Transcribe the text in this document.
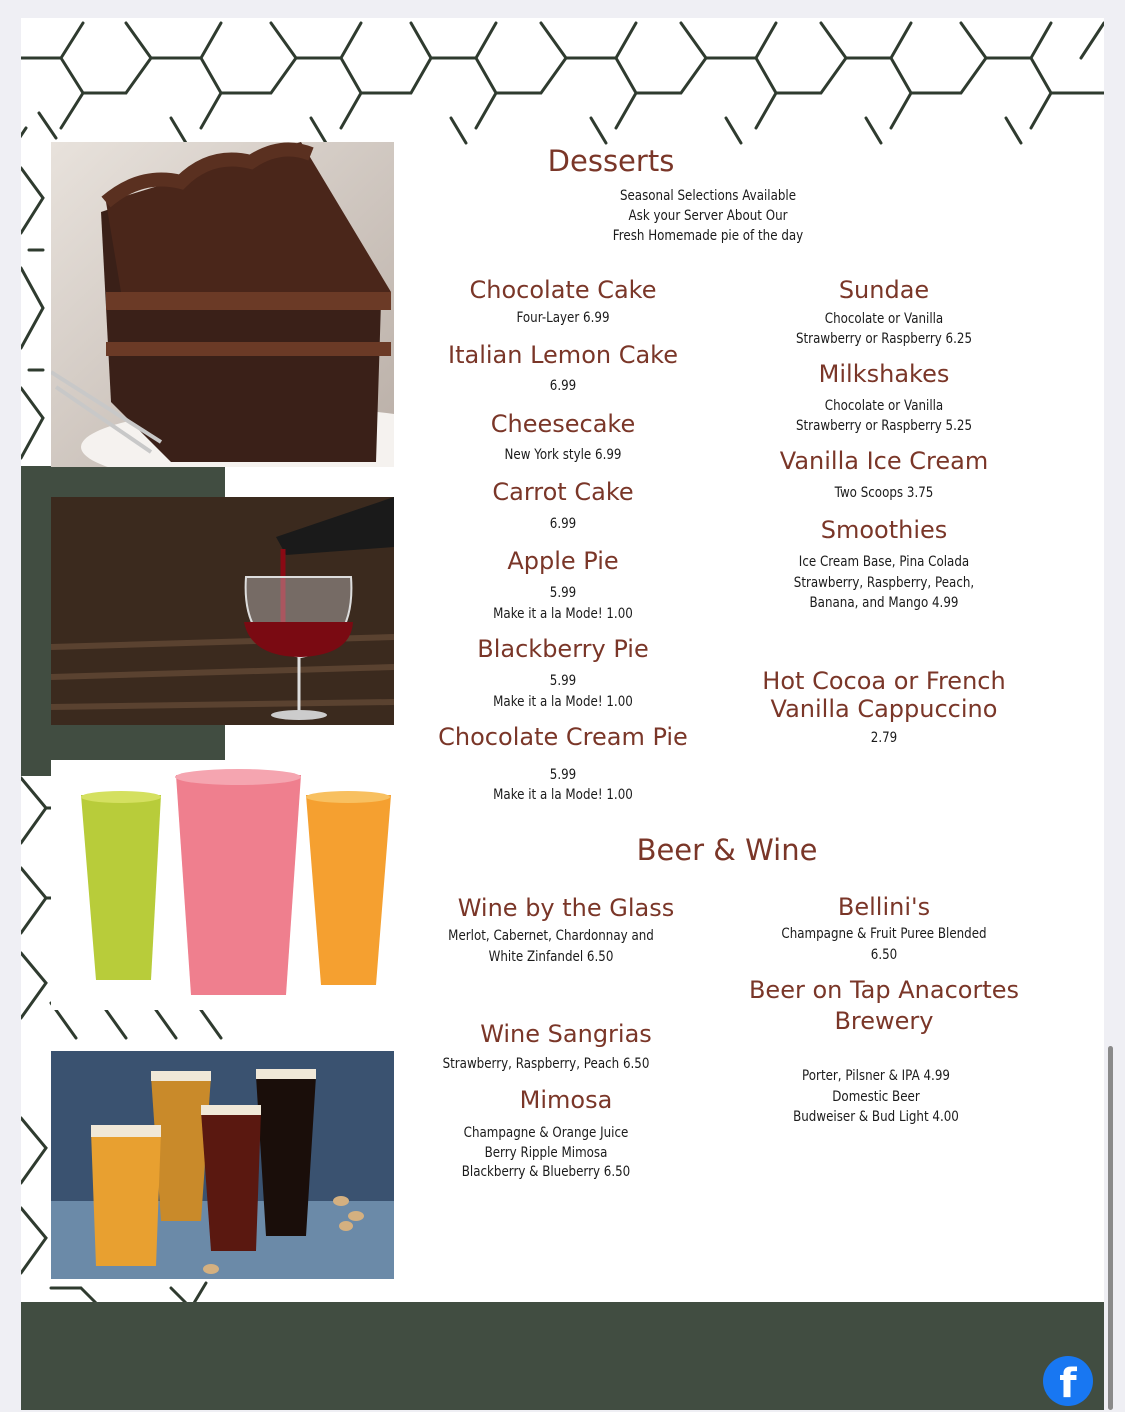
Desserts
Seasonal Selections Available
Ask your Server About Our
Fresh Homemade pie of the day
Chocolate Cake
Four-Layer 6.99
Italian Lemon Cake
6.99
Cheesecake
New York style 6.99
Carrot Cake
6.99
Apple Pie
5.99
Make it a la Mode! 1.00
Blackberry Pie
5.99
Make it a la Mode! 1.00
Chocolate Cream Pie
5.99
Make it a la Mode! 1.00
Sundae
Chocolate or Vanilla
Strawberry or Raspberry 6.25
Milkshakes
Chocolate or Vanilla
Strawberry or Raspberry 5.25
Vanilla Ice Cream
Two Scoops 3.75
Smoothies
Ice Cream Base, Pina Colada
Strawberry, Raspberry, Peach,
Banana, and Mango 4.99
Hot Cocoa or French
Vanilla Cappuccino
2.79
Beer & Wine
Wine by the Glass
Merlot, Cabernet, Chardonnay and
White Zinfandel 6.50
Wine Sangrias
Strawberry, Raspberry, Peach 6.50
Mimosa
Champagne & Orange Juice
Berry Ripple Mimosa
Blackberry & Blueberry 6.50
Bellini's
Champagne & Fruit Puree Blended
6.50
Beer on Tap Anacortes
Brewery
Porter, Pilsner & IPA 4.99
Domestic Beer
Budweiser & Bud Light 4.00
f
